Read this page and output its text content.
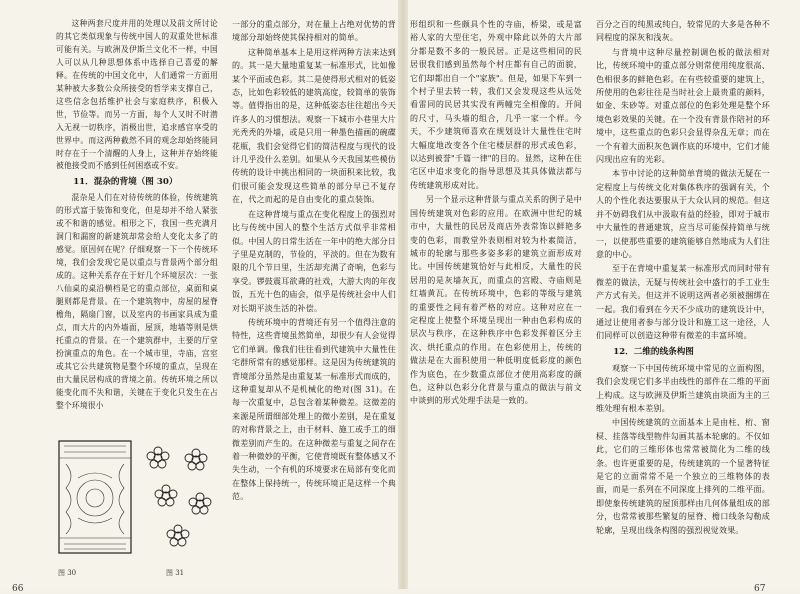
这种两套尺度并用的处理以及前文所讨论的其它类似现象与传统中国人的双重处世标准可能有关。与欧洲及伊斯兰文化不一样，中国人可以从几种思想体系中选择自己喜爱的解释。在传统的中国文化中，人们通常一方面用某种被大多数公众所接受的哲学来支撑自己，这些信念包括维护社会与家庭秩序，积极入世，节俭等。而另一方面，每个人又时不时潜入无视一切秩序，消极出世，追求感官享受的世界中。而这两种截然不同的观念却始终能同时存在于一个清醒的人身上，这种并存始终能被他接受而不感到任何困惑或不安。

11．混杂的背境（图 30）

混杂是人们在对待传统的体验，传统建筑的形式富于装饰和变化，但是却并不给人紧张或不和谐的感觉。相形之下，我国一些充满月洞门和漏窗的新建筑却常会给人变化太多了的感觉。原因何在呢？仔细观察一下一个传统环境，我们会发现它是以重点与背景两个部分组成的。这种关系存在于好几个环境层次：一张八仙桌的桌沿横档是它的重点部位，桌面和桌腿则都是背景。在一个建筑物中，房屋的屋脊檐角，隔扇门窗，以及室内的书画家具成为重点，而大片的内外墙面，屋顶，地墙等则是烘托重点的背景。在一个建筑群中，主要的厅堂扮演重点的角色。在一个城市里，寺庙，宫室或其它公共建筑物是整个环境的重点，呈现在由大量民居构成的背境之前。传统环境之所以能变化而不失和谐，关键在于变化只发生在占整个环境很小

一部分的重点部分，对在量上占绝对优势的背境部分却始终使其保持相对的简单。

这种简单基本上是用这样两种方法来达到的。其一是大量地重复某一标准形式，比如像某个平面或色彩。其二是使得形式相对的低姿态，比如色彩较低的建筑高度，较简单的装饰等。值得指出的是，这种低姿态往往超出今天许多人的习惯想法。观察一下城市小巷里大片光秃秃的外墙，或是只用一种墨色描画的碗碟花瓶，我们会觉得它们的简洁程度与现代的设计几乎没什么差别。如果从今天我国某些模仿传统的设计中挑出相同的一块面积来比较，我们很可能会发现这些简单的部分早已不复存在，代之而起的是自由变化的重点装饰。

在这种背境与重点在变化程度上的强烈对比与传统中国人的整个生活方式似乎非常相似。中国人的日常生活在一年中的绝大部分日子里是克制的，节俭的，平淡的。但在为数有限的几个节日里，生活却充满了奇响，色彩与享受。锣鼓震耳欲聋的社戏，大游大肉的年夜饭，五光十色的庙会，似乎是传统社会中人们对长期平淡生活的补偿。

传统环境中的背境还有另一个值得注意的特性，这些背境虽然简单，却很少有人会觉得它们单调。像我们往往看到代建筑中大量性住宅群所常有的感觉那样。这是因为传统建筑的背境部分虽然是由重复某一标准形式而成的，这种重复却从不是机械化的绝对(图 31)。在每一次重复中，总包含着某种微差。这微差的来源是所谓细部处理上的微小差别，是在重复的对称背景之上，由于材料、施工或手工的细微差别而产生的。在这种微差与重复之间存在着一种微妙的平衡，它使背境既有整体感又不失生动，一个有机的环境要求在局部有变化而在整体上保持统一，传统环境正是这样一个典范。

图 30	图 31
66

形组织和一些颇具个性的寺庙，桥梁，或是富裕人家的大型住宅，外观中除此以外的大片部分都是数不多的一般民居。正是这些相同的民居很我们感到虽然每个村庄都有自己的面貌，它们却都出自一个"家族"。但是，如果下车到一个村子里去转一转，我们又会发现这些从远处看雷同的民居其实没有两幢完全相像的。开间的尺寸，马头墙的组合，几乎一家一个样。今天，不少建筑师喜欢在规划设计大量性住宅时大幅度地改变各个住宅楼层群的形式或色彩，以达到被誉"千篇一律"的目的。显然，这种在住宅区中追求变化的指导思想及其具体做法都与传统建筑形成对比。

另一个显示这种背景与重点关系的例子是中国传统建筑对色彩的应用。在欧洲中世纪的城市中，大量性的民居及商店外表常饰以鲜艳多变的色彩，而教堂外表则相对较为朴素简洁，城市的轮廓与那些多姿多彩的建筑立面形成对比。中国传统建筑恰好与此相反，大量性的民居用的是灰墙灰瓦，而重点的宫殿、寺庙则是红墙黄瓦。在传统环境中，色彩的等级与建筑的重要性之间有着严格的对应。这种对应在一定程度上使整个环境呈现出一种由色彩构成的层次与秩序，在这种秩序中色彩发挥着区分主次、烘托重点的作用。在色彩使用上，传统的做法是在大面积使用一种低明度低彩度的颜色作为底色，在少数重点部位才使用高彩度的颜色，这种以色彩分化背景与重点的做法与前文中谈到的形式处理手法是一致的。

百分之百的纯黑或纯白，较常见的大多是各种不同程度的深灰和浅灰。

与背境中这种尽量控制调色板的做法相对比，传统环境中的重点部分则常使用纯度很高、色相很多的鲜艳色彩。在有些较重要的建筑上，所使用的色彩往往是当时社会上最贵重的颜料，如金、朱砂等。对重点部位的色彩处理是整个环境色彩效果的关键。在一个没有背景作陪衬的环境中，这些重点的色彩只会显得杂乱无章；而在一个有着大面积灰色调作底的环境中，它们才能闪现出应有的光彩。

本节中讨论的这种简单背境的做法无疑在一定程度上与传统文化对集体秩序的强调有关，个人的个性化表达要服从于大众认同的规范。但这并不妨碍我们从中汲取有益的经验，即对于城市中大量性的普通建筑，应当尽可能保持简单与统一，以使那些重要的建筑能够自然地成为人们注意的中心。

至于在背境中重复某一标准形式而同时带有微差的做法，无疑与传统社会中盛行的手工业生产方式有关。但这并不说明这两者必须被捆绑在一起。我们看到在今天不少成功的建筑设计中，通过让使用者参与部分设计和施工这一途径，人们同样可以创造这种带有微差的丰富环境。

12．二维的线条构图

观察一下中国传统环境中常见的立面构图，我们会发现它们多半由线性的部件在二维的平面上构成。这与欧洲及伊斯兰建筑由块面为主的三维处理有根本差别。

中国传统建筑的立面基本上是由柱、桁、窗棂、挂落等线型物件勾画其基本轮廓的。不仅如此，它们的三维形体也常常被简化为二维的线条。也许更重要的是，传统建筑的一个显著特征是它的立面常常不是一个独立的三维物体的表面，而是一系列在不同深度上排列的二维平面。即使象传统建筑的屋顶那样由几何体量组成的部分，也常常被那些繁复的屋脊、檐口线条勾勒成轮廓，呈现出线条构图的强烈视觉效果。

67
